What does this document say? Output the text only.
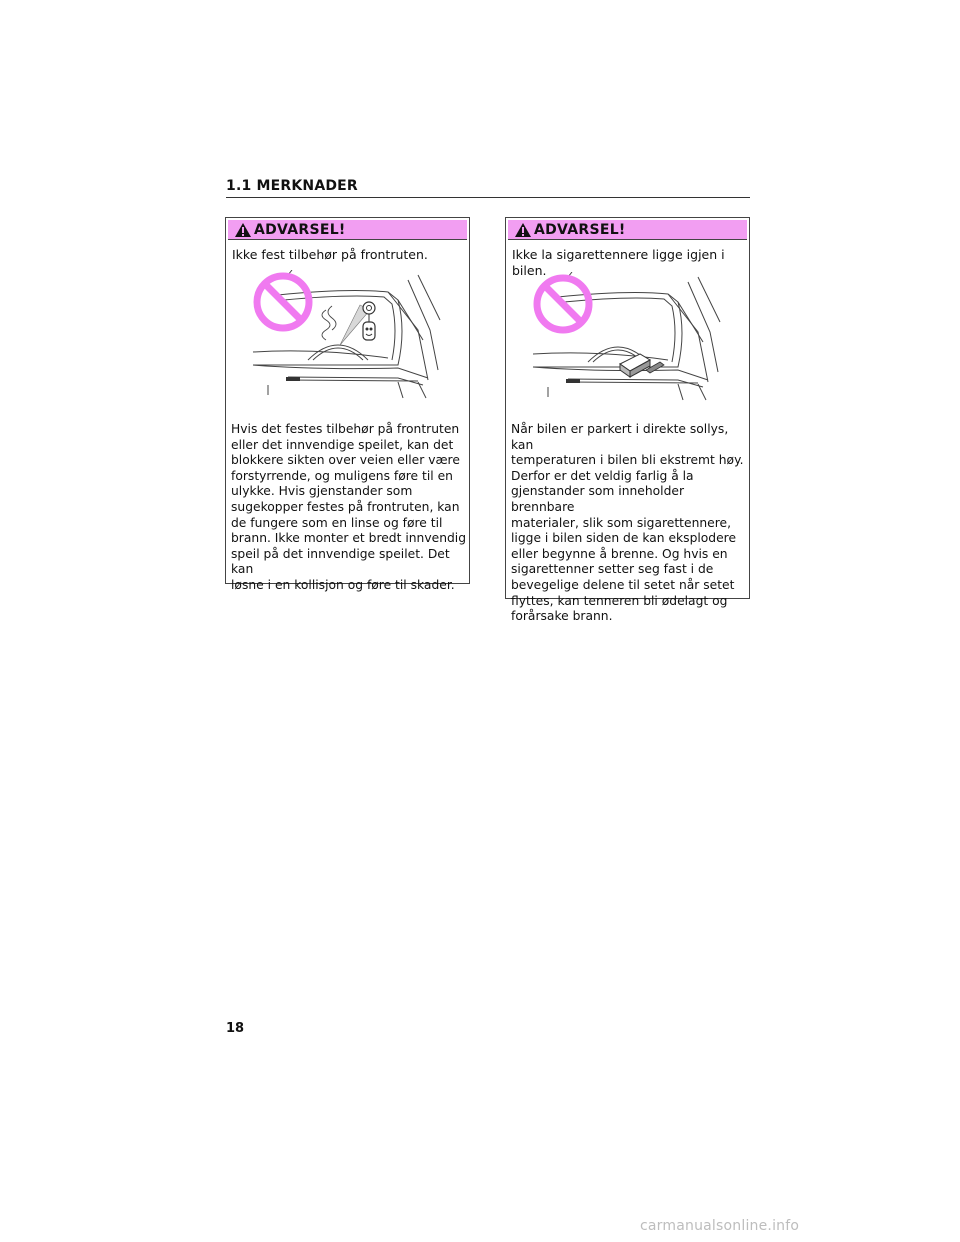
1.1 MERKNADER
ADVARSEL!
Ikke fest tilbehør på frontruten.
Hvis det festes tilbehør på frontruten
eller det innvendige speilet, kan det
blokkere sikten over veien eller være
forstyrrende, og muligens føre til en
ulykke. Hvis gjenstander som
sugekopper festes på frontruten, kan
de fungere som en linse og føre til
brann. Ikke monter et bredt innvendig
speil på det innvendige speilet. Det kan
løsne i en kollisjon og føre til skader.
ADVARSEL!
Ikke la sigarettennere ligge igjen i bilen.
Når bilen er parkert i direkte sollys, kan
temperaturen i bilen bli ekstremt høy.
Derfor er det veldig farlig å la
gjenstander som inneholder brennbare
materialer, slik som sigarettennere,
ligge i bilen siden de kan eksplodere
eller begynne å brenne. Og hvis en
sigarettenner setter seg fast i de
bevegelige delene til setet når setet
flyttes, kan tenneren bli ødelagt og
forårsake brann.
18
carmanualsonline.info
